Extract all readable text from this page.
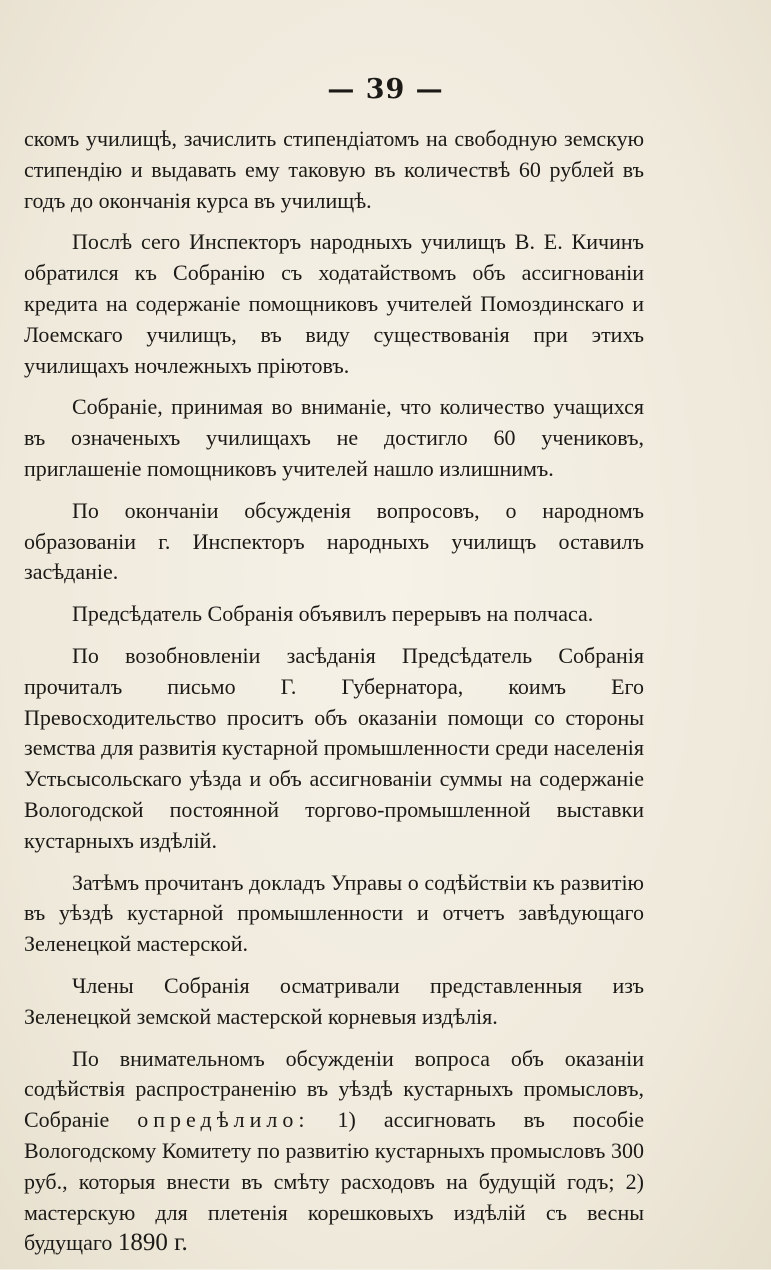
— 39 —

скомъ училищѣ, зачислить стипендіатомъ на свободную земскую стипендію и выдавать ему таковую въ количествѣ 60 рублей въ годъ до окончанія курса въ училищѣ.

Послѣ сего Инспекторъ народныхъ училищъ В. Е. Кичинъ обратился къ Собранію съ ходатайствомъ объ ассигнованіи кредита на содержаніе помощниковъ учителей Помоздинскаго и Лоемскаго училищъ, въ виду существованія при этихъ училищахъ ночлежныхъ пріютовъ.

Собраніе, принимая во вниманіе, что количество учащихся въ означеныхъ училищахъ не достигло 60 учениковъ, приглашеніе помощниковъ учителей нашло излишнимъ.

По окончаніи обсужденія вопросовъ, о народномъ образованіи г. Инспекторъ народныхъ училищъ оставилъ засѣданіе.

Предсѣдатель Собранія объявилъ перерывъ на полчаса.

По возобновленіи засѣданія Предсѣдатель Собранія прочиталъ письмо Г. Губернатора, коимъ Его Превосходительство проситъ объ оказаніи помощи со стороны земства для развитія кустарной промышленности среди населенія Устьсысольскаго уѣзда и объ ассигнованіи суммы на содержаніе Вологодской постоянной торгово-промышленной выставки кустарныхъ издѣлій.

Затѣмъ прочитанъ докладъ Управы о содѣйствіи къ развитію въ уѣздѣ кустарной промышленности и отчетъ завѣдующаго Зеленецкой мастерской.

Члены Собранія осматривали представленныя изъ Зеленецкой земской мастерской корневыя издѣлія.

По внимательномъ обсужденіи вопроса объ оказаніи содѣйствія распространенію въ уѣздѣ кустарныхъ промысловъ, Собраніе опредѣлило: 1) ассигновать въ пособіе Вологодскому Комитету по развитію кустарныхъ промысловъ 300 руб., которыя внести въ смѣту расходовъ на будущій годъ; 2) мастерскую для плетенія корешковыхъ издѣлій съ весны будущаго 1890 г.
